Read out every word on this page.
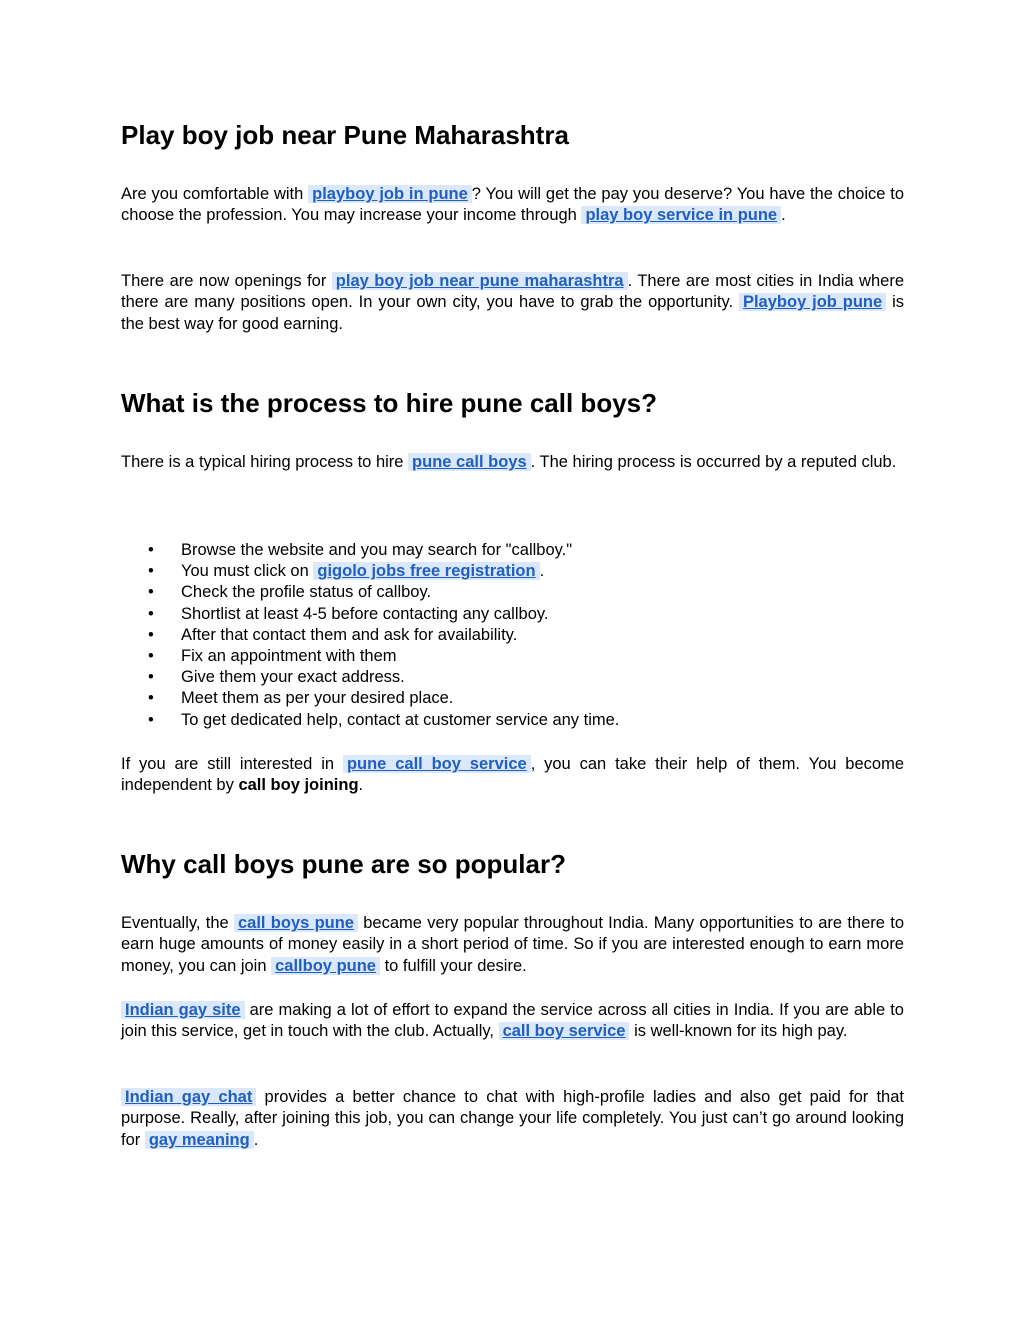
Play boy job near Pune Maharashtra

Are you comfortable with playboy job in pune ? You will get the pay you deserve? You have the choice to choose the profession. You may increase your income through play boy service in pune .

There are now openings for play boy job near pune maharashtra . There are most cities in India where there are many positions open. In your own city, you have to grab the opportunity. Playboy job pune is the best way for good earning.

What is the process to hire pune call boys?

There is a typical hiring process to hire pune call boys . The hiring process is occurred by a reputed club.

• Browse the website and you may search for "callboy."
• You must click on gigolo jobs free registration .
• Check the profile status of callboy.
• Shortlist at least 4-5 before contacting any callboy.
• After that contact them and ask for availability.
• Fix an appointment with them
• Give them your exact address.
• Meet them as per your desired place.
• To get dedicated help, contact at customer service any time.

If you are still interested in pune call boy service , you can take their help of them. You become independent by call boy joining.

Why call boys pune are so popular?

Eventually, the call boys pune became very popular throughout India. Many opportunities to are there to earn huge amounts of money easily in a short period of time. So if you are interested enough to earn more money, you can join callboy pune to fulfill your desire.

Indian gay site are making a lot of effort to expand the service across all cities in India. If you are able to join this service, get in touch with the club. Actually, call boy service is well-known for its high pay.

Indian gay chat provides a better chance to chat with high-profile ladies and also get paid for that purpose. Really, after joining this job, you can change your life completely. You just can’t go around looking for gay meaning .
